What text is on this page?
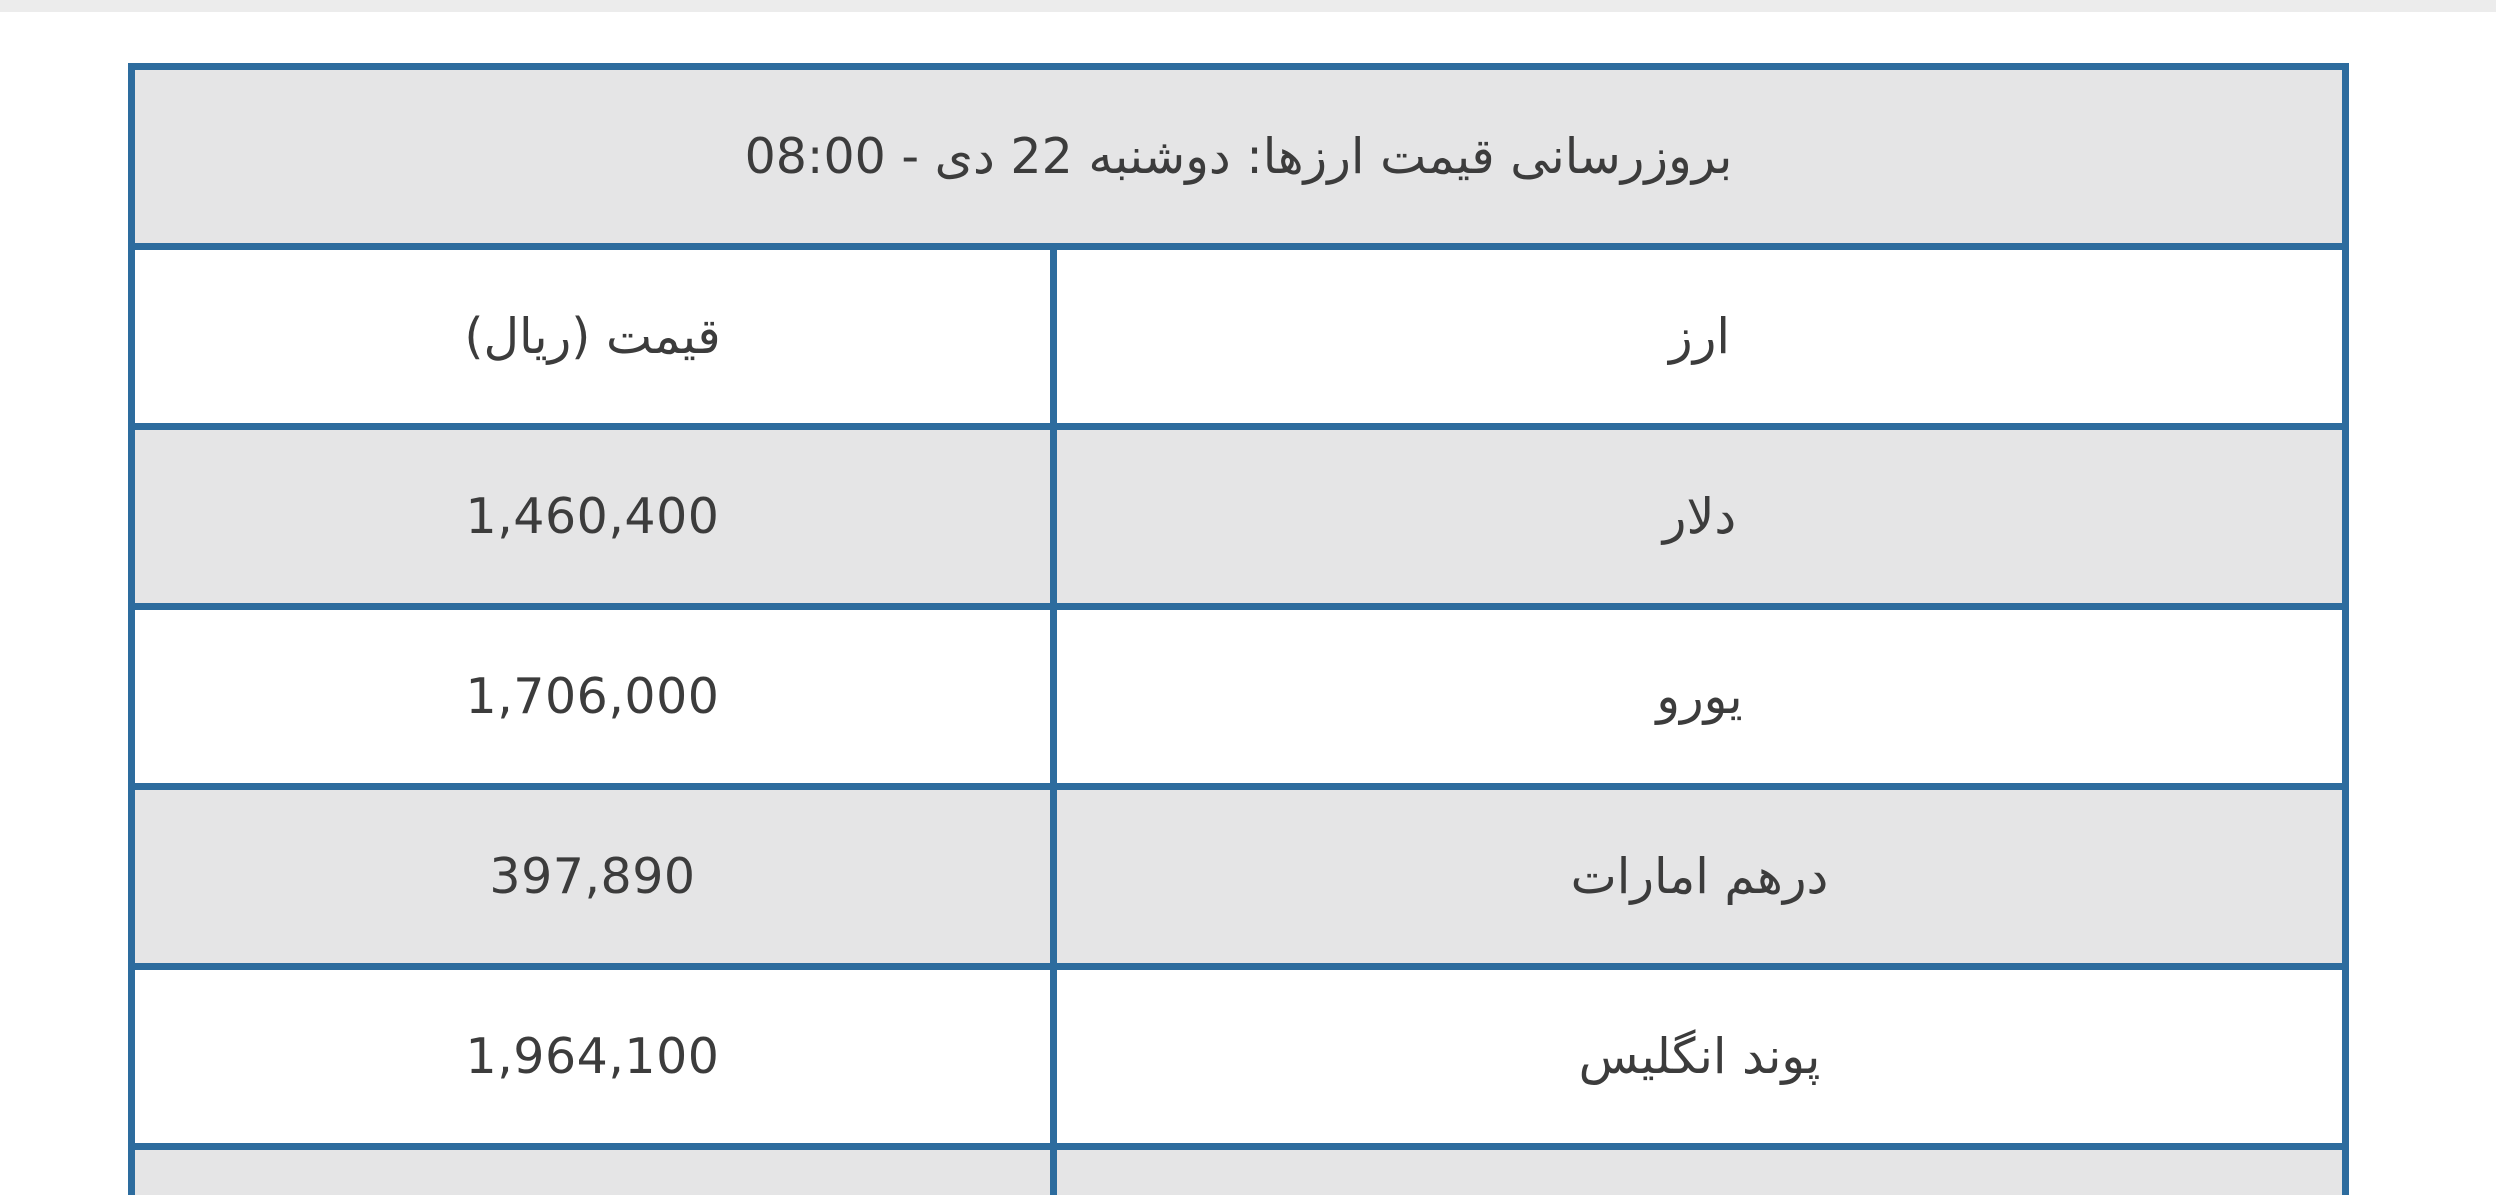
بروزرسانی قیمت ارزها: دوشنبه 22 دی - 08:00	
قیمت (ریال)	ارز
1,460,400	دلار
1,706,000	یورو
397,890	درهم امارات
1,964,100	پوند انگلیس
